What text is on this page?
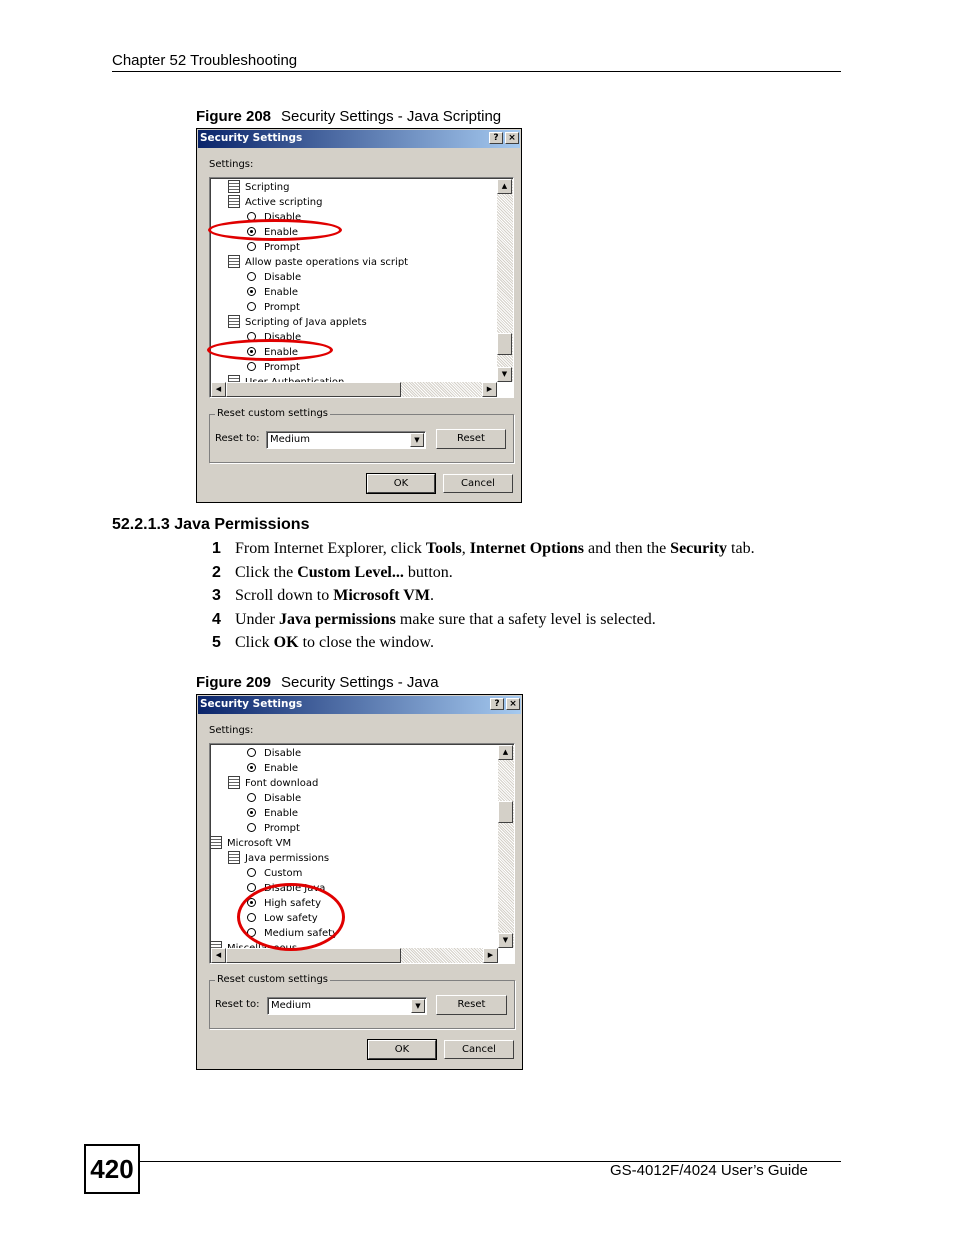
Chapter 52 Troubleshooting
Figure 208 Security Settings - Java Scripting
Security Settings	?	×
Settings:
Scripting
Active scripting
Disable
Enable
Prompt
Allow paste operations via script
Disable
Enable
Prompt
Scripting of Java applets
Disable
Enable
Prompt
▲
▼
◀	▶
Reset custom settings
Reset to:	Medium	▼	Reset
OK	Cancel
52.2.1.3 Java Permissions
1 From Internet Explorer, click Tools, Internet Options and then the Security tab.
2 Click the Custom Level... button.
3 Scroll down to Microsoft VM.
4 Under Java permissions make sure that a safety level is selected.
5 Click OK to close the window.
Figure 209 Security Settings - Java
Security Settings	?	×
Settings:
Disable
Enable
Font download
Disable
Enable
Prompt
Microsoft VM
Java permissions
Custom
Disable Java
High safety
Low safety
Medium safety
▲
▼
◀	▶
Reset custom settings
Reset to:	Medium	▼	Reset
OK	Cancel
420	GS-4012F/4024 User’s Guide
